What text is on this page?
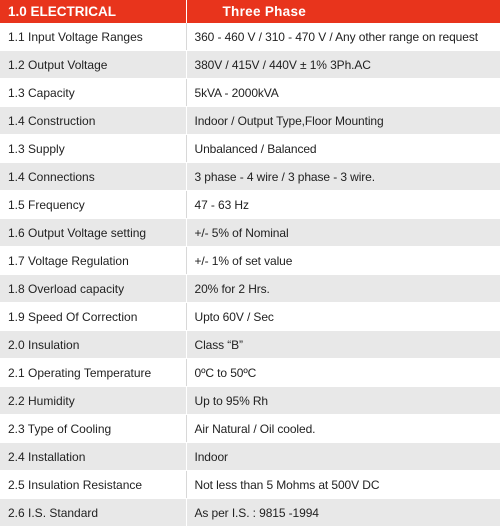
1.0 ELECTRICAL	Three Phase
1.1 Input Voltage Ranges	360 - 460 V / 310 - 470 V / Any other range on request
1.2 Output Voltage	380V / 415V / 440V ± 1% 3Ph.AC
1.3 Capacity	5kVA - 2000kVA
1.4 Construction	Indoor / Output Type,Floor Mounting
1.3 Supply	Unbalanced / Balanced
1.4 Connections	3 phase - 4 wire / 3 phase - 3 wire.
1.5 Frequency	47 - 63 Hz
1.6 Output Voltage setting	+/- 5% of Nominal
1.7 Voltage Regulation	+/- 1% of set value
1.8 Overload capacity	20% for 2 Hrs.
1.9 Speed Of Correction	Upto 60V / Sec
2.0 Insulation	Class “B”
2.1 Operating Temperature	0ºC to 50ºC
2.2 Humidity	Up to 95% Rh
2.3 Type of Cooling	Air Natural / Oil cooled.
2.4 Installation	Indoor
2.5 Insulation Resistance	Not less than 5 Mohms at 500V DC
2.6 I.S. Standard	As per I.S. : 9815 -1994
